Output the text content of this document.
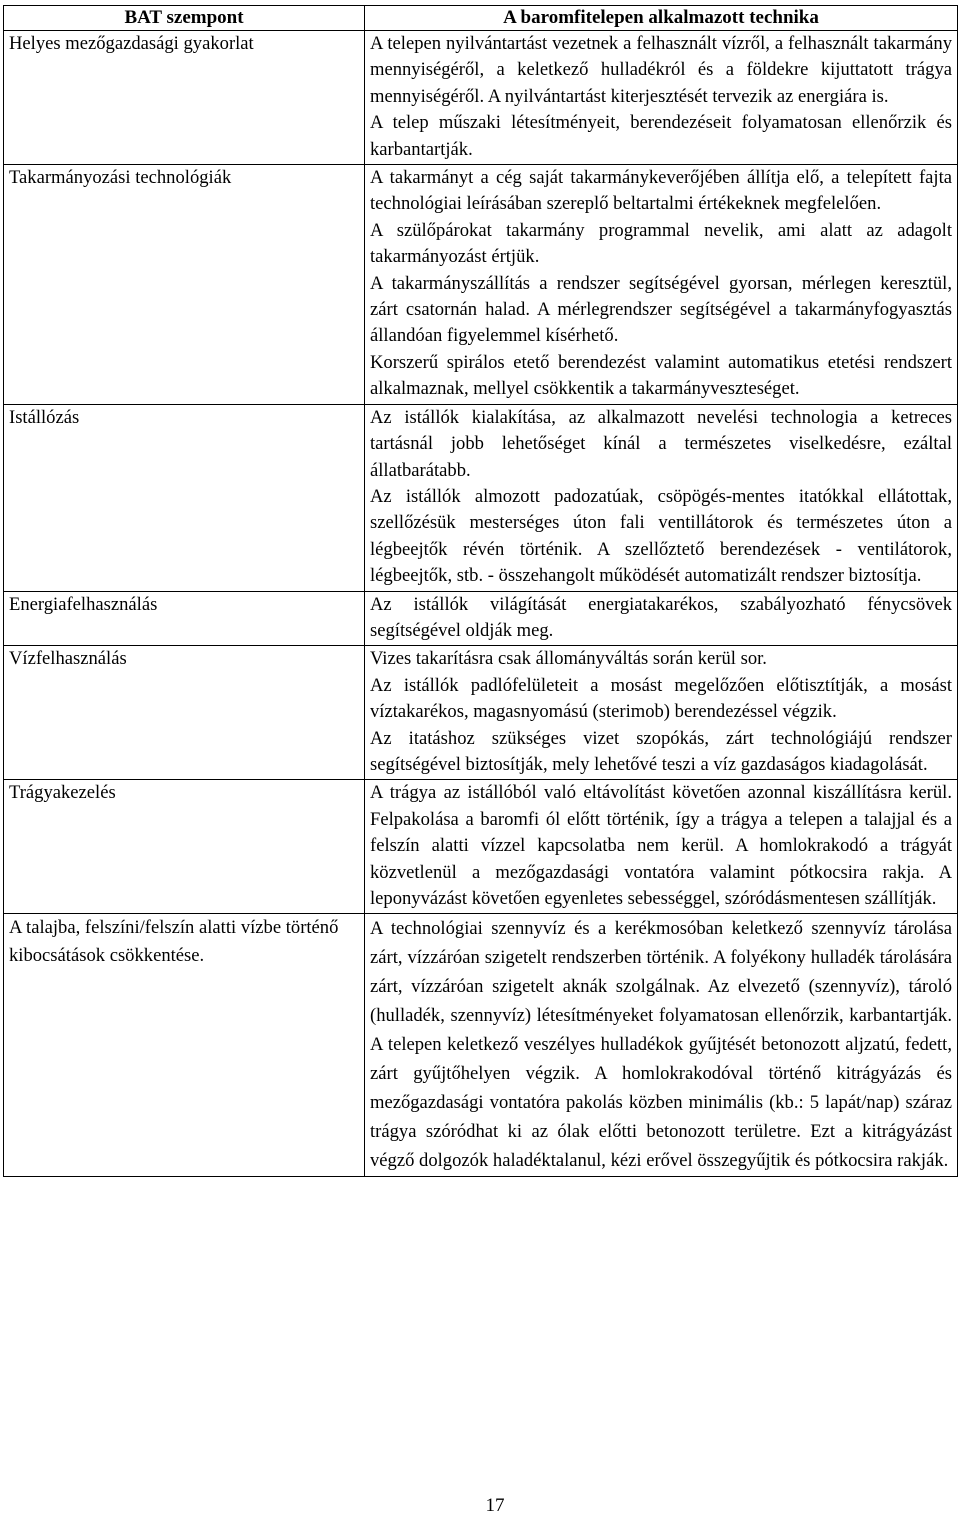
BAT szempont	A baromfitelepen alkalmazott technika
Helyes mezőgazdasági gyakorlat	A telepen nyilvántartást vezetnek a felhasznált vízről, a felhasznált takarmány mennyiségéről, a keletkező hulladékról és a földekre kijuttatott trágya mennyiségéről. A nyilvántartást kiterjesztését tervezik az energiára is.

A telep műszaki létesítményeit, berendezéseit folyamatosan ellenőrzik és karbantartják.

Takarmányozási technológiák	A takarmányt a cég saját takarmánykeverőjében állítja elő, a telepített fajta technológiai leírásában szereplő beltartalmi értékeknek megfelelően.

A szülőpárokat takarmány programmal nevelik, ami alatt az adagolt takarmányozást értjük.

A takarmányszállítás a rendszer segítségével gyorsan, mérlegen keresztül, zárt csatornán halad. A mérlegrendszer segítségével a takarmányfogyasztás állandóan figyelemmel kísérhető.

Korszerű spirálos etető berendezést valamint automatikus etetési rendszert alkalmaznak, mellyel csökkentik a takarmányveszteséget.

Istállózás	Az istállók kialakítása, az alkalmazott nevelési technologia a ketreces tartásnál jobb lehetőséget kínál a természetes viselkedésre, ezáltal állatbarátabb.

Az istállók almozott padozatúak, csöpögés-mentes itatókkal ellátottak, szellőzésük mesterséges úton fali ventillátorok és természetes úton a légbeejtők révén történik. A szellőztető berendezések - ventilátorok, légbeejtők, stb. - összehangolt működését automatizált rendszer biztosítja.

Energiafelhasználás	Az istállók világítását energiatakarékos, szabályozható fénycsövek segítségével oldják meg.

Vízfelhasználás	Vizes takarításra csak állományváltás során kerül sor.

Az istállók padlófelületeit a mosást megelőzően előtisztítják, a mosást víztakarékos, magasnyomású (sterimob) berendezéssel végzik.

Az itatáshoz szükséges vizet szopókás, zárt technológiájú rendszer segítségével biztosítják, mely lehetővé teszi a víz gazdaságos kiadagolását.

Trágyakezelés	A trágya az istállóból való eltávolítást követően azonnal kiszállításra kerül. Felpakolása a baromfi ól előtt történik, így a trágya a telepen a talajjal és a felszín alatti vízzel kapcsolatba nem kerül. A homlokrakodó a trágyát közvetlenül a mezőgazdasági vontatóra valamint pótkocsira rakja. A leponyvázást követően egyenletes sebességgel, szóródásmentesen szállítják.

A talajba, felszíni/felszín alatti vízbe történő kibocsátások csökkentése.	A technológiai szennyvíz és a kerékmosóban keletkező szennyvíz tárolása zárt, vízzáróan szigetelt rendszerben történik. A folyékony hulladék tárolására zárt, vízzáróan szigetelt aknák szolgálnak. Az elvezető (szennyvíz), tároló (hulladék, szennyvíz) létesítményeket folyamatosan ellenőrzik, karbantartják. A telepen keletkező veszélyes hulladékok gyűjtését betonozott aljzatú, fedett, zárt gyűjtőhelyen végzik. A homlokrakodóval történő kitrágyázás és mezőgazdasági vontatóra pakolás közben minimális (kb.: 5 lapát/nap) száraz trágya szóródhat ki az ólak előtti betonozott területre. Ezt a kitrágyázást végző dolgozók haladéktalanul, kézi erővel összegyűjtik és pótkocsira rakják.

17
